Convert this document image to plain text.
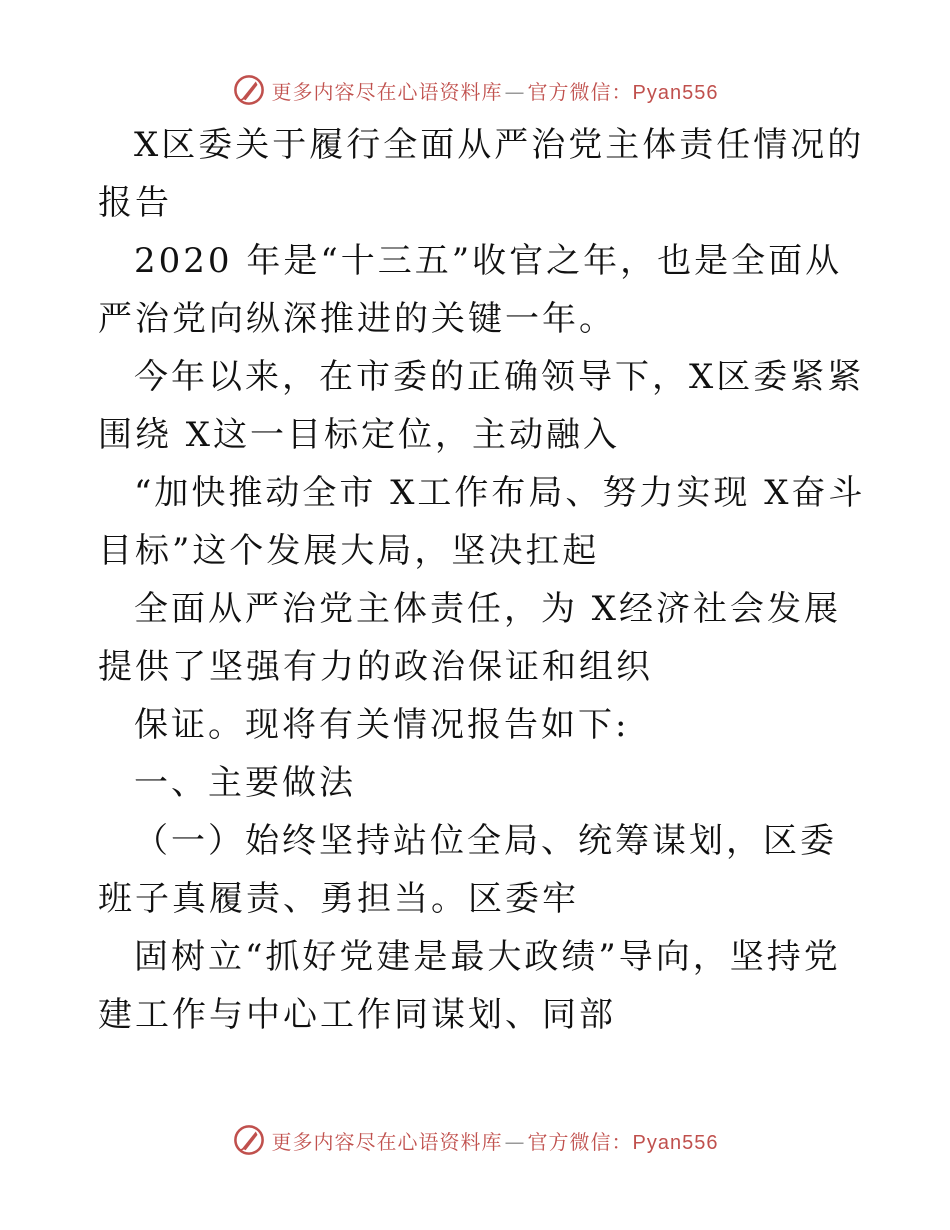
更多内容尽在心语资料库 — 官方微信：Pyan556

X区委关于履行全面从严治党主体责任情况的报告

2020 年是“十三五”收官之年，也是全面从严治党向纵深推进的关键一年。

今年以来，在市委的正确领导下，X区委紧紧围绕 X这一目标定位，主动融入

“加快推动全市 X工作布局、努力实现 X奋斗目标”这个发展大局，坚决扛起

全面从严治党主体责任，为 X经济社会发展提供了坚强有力的政治保证和组织

保证。现将有关情况报告如下:

一、主要做法

（一）始终坚持站位全局、统筹谋划，区委班子真履责、勇担当。区委牢

固树立“抓好党建是最大政绩”导向，坚持党建工作与中心工作同谋划、同部

更多内容尽在心语资料库 — 官方微信：Pyan556
